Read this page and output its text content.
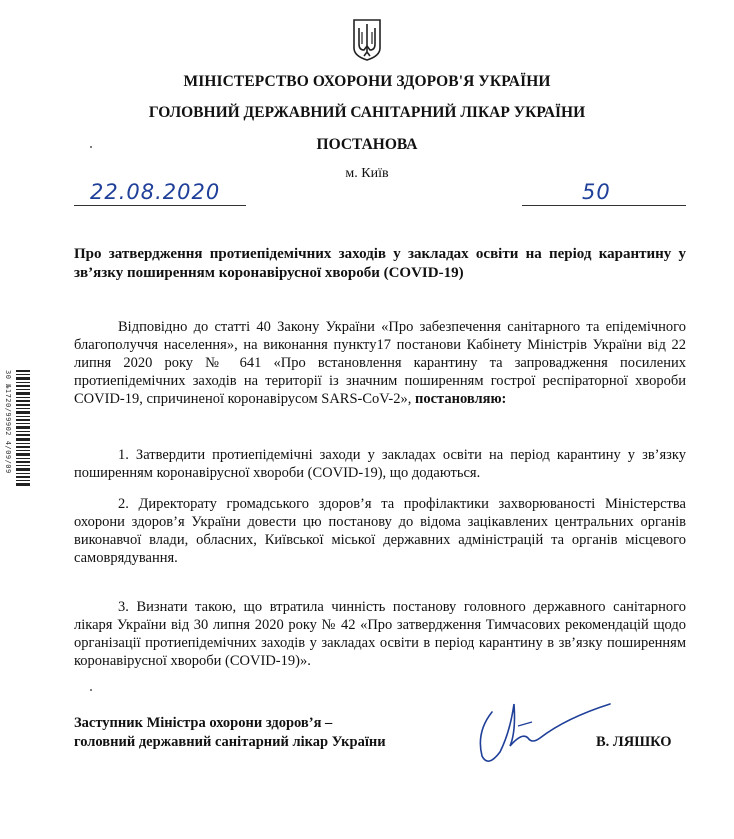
МІНІСТЕРСТВО ОХОРОНИ ЗДОРОВ'Я УКРАЇНИ
ГОЛОВНИЙ ДЕРЖАВНИЙ САНІТАРНИЙ ЛІКАР УКРАЇНИ
ПОСТАНОВА
м. Київ
22.08.2020	50
30 №1720/99902 4/09/09
Про затвердження протиепідемічних заходів у закладах освіти на період карантину у зв’язку поширенням коронавірусної хвороби (COVID-19)

Відповідно до статті 40 Закону України «Про забезпечення санітарного та епідемічного благополуччя населення», на виконання пункту17 постанови Кабінету Міністрів України від 22 липня 2020 року № 641 «Про встановлення карантину та запровадження посилених протиепідемічних заходів на території із значним поширенням гострої респіраторної хвороби COVID-19, спричиненої коронавірусом SARS-CoV-2», постановляю:

1. Затвердити протиепідемічні заходи у закладах освіти на період карантину у зв’язку поширенням коронавірусної хвороби (COVID-19), що додаються.

2. Директорату громадського здоров’я та профілактики захворюваності Міністерства охорони здоров’я України довести цю постанову до відома зацікавлених центральних органів виконавчої влади, обласних, Київської міської державних адміністрацій та органів місцевого самоврядування.

3. Визнати такою, що втратила чинність постанову головного державного санітарного лікаря України від 30 липня 2020 року № 42 «Про затвердження Тимчасових рекомендацій щодо організації протиепідемічних заходів у закладах освіти в період карантину в зв’язку поширенням коронавірусної хвороби (COVID-19)».

Заступник Міністра охорони здоров’я –
головний державний санітарний лікар України	В. ЛЯШКО
